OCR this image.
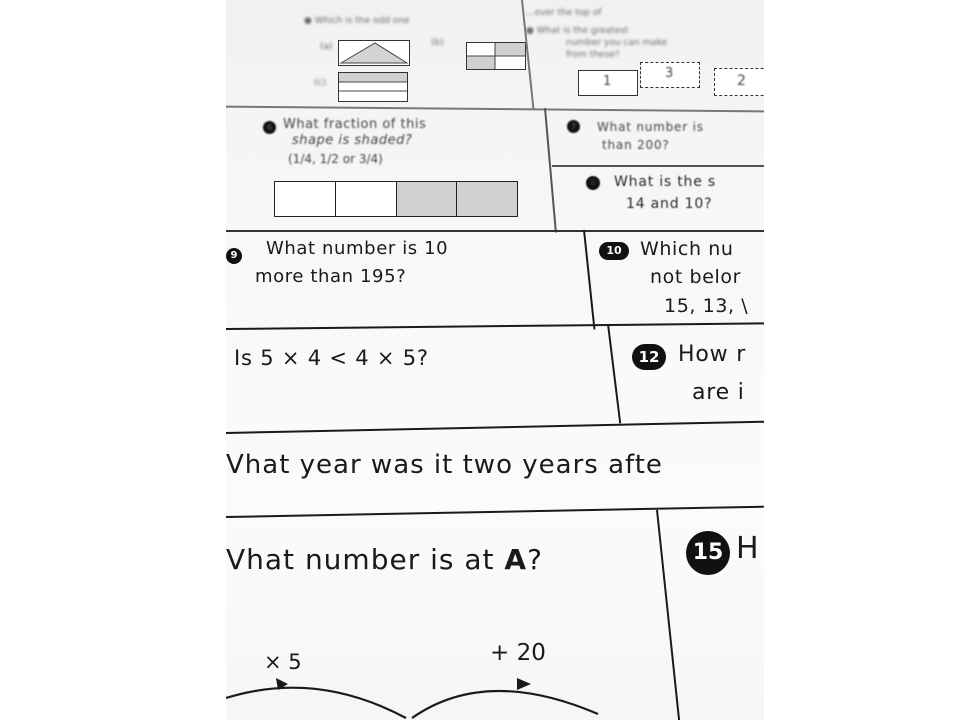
● Which is the odd one
(a)	(b)
(c)
...over the top of
● What is the greatest
number you can make
from these?
1
3	2
6 What fraction of this
shape is shaded?
(1/4, 1/2 or 3/4)
7	What number is
than 200?
8	What is the s
14 and 10?
9 What number is 10
more than 195?
10 Which nu
not belor
15, 13, \
Is 5 × 4 < 4 × 5?	12 How r
are i
Vhat year was it two years afte
Vhat number is at A?
× 5	+ 20
15 H
